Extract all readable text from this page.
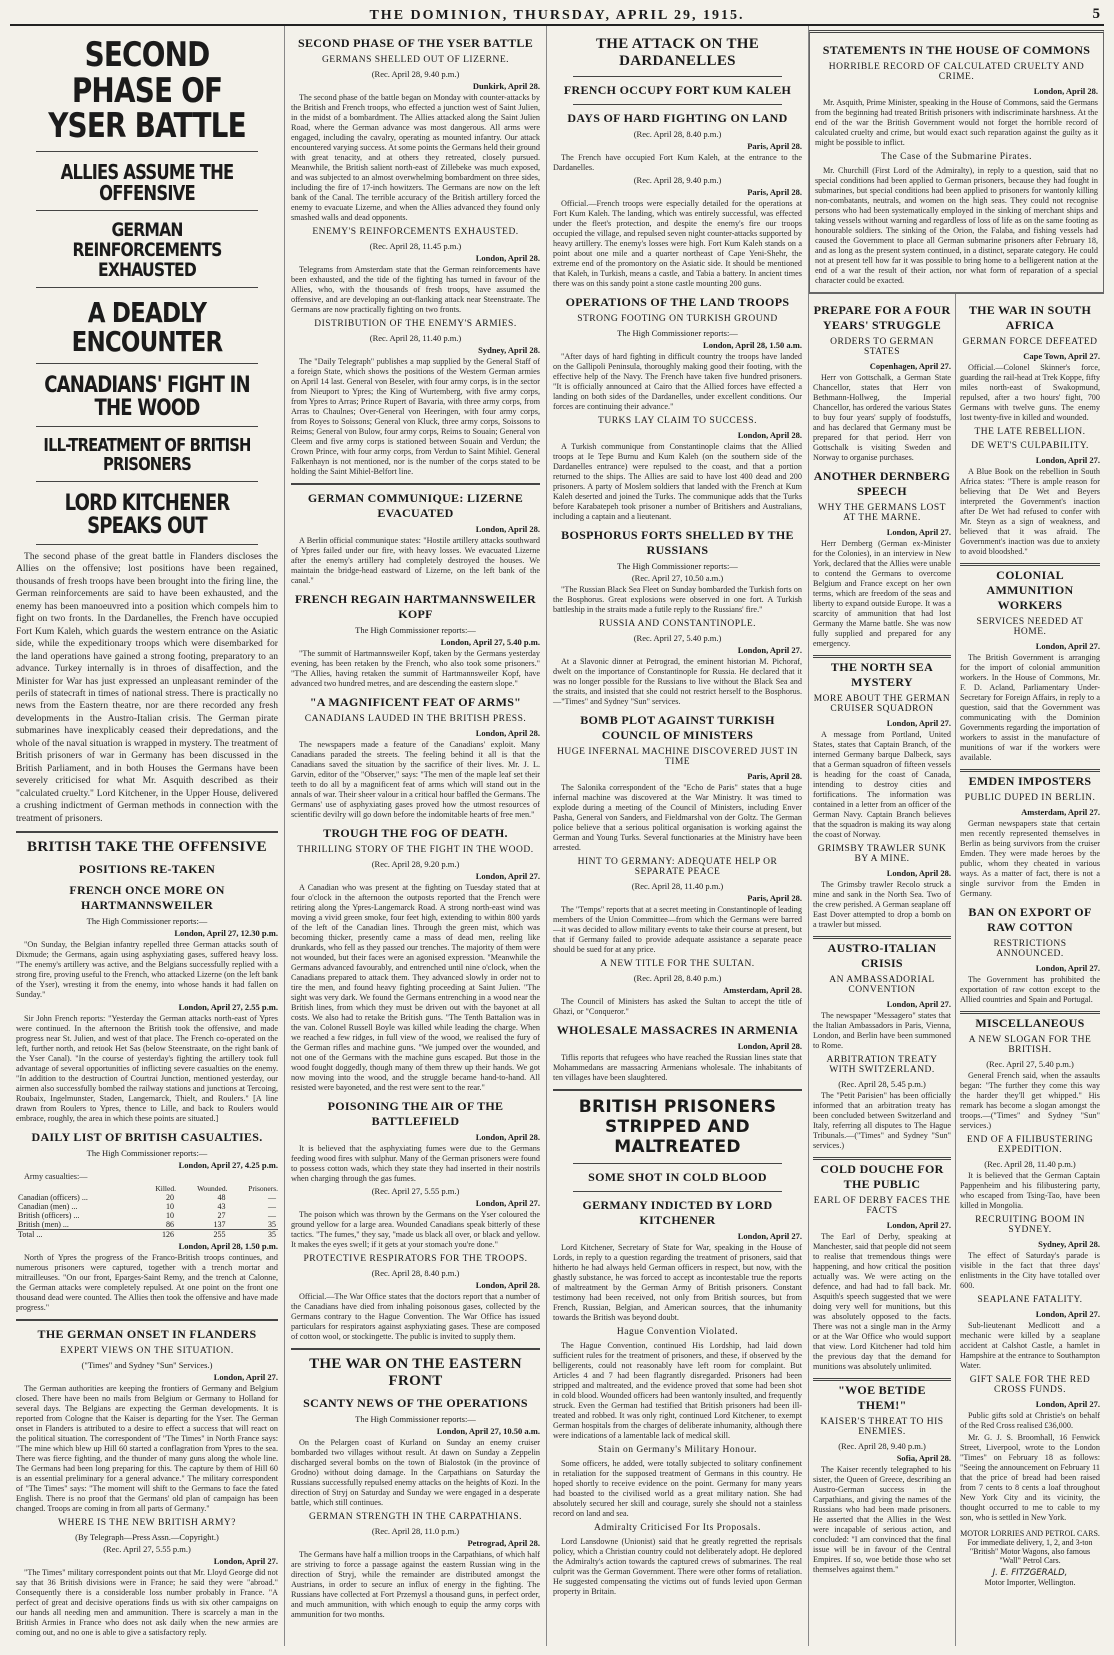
THE DOMINION, THURSDAY, APRIL 29, 1915.	5
SECOND PHASE OF YSER BATTLE
ALLIES ASSUME THE OFFENSIVE
GERMAN REINFORCEMENTS EXHAUSTED
A DEADLY ENCOUNTER
CANADIANS' FIGHT IN THE WOOD
ILL-TREATMENT OF BRITISH PRISONERS
LORD KITCHENER SPEAKS OUT

The second phase of the great battle in Flanders discloses the Allies on the offensive; lost positions have been regained, thousands of fresh troops have been brought into the firing line, the German reinforcements are said to have been exhausted, and the enemy has been manoeuvred into a position which compels him to fight on two fronts. In the Dardanelles, the French have occupied Fort Kum Kaleh, which guards the western entrance on the Asiatic side, while the expeditionary troops which were disembarked for the land operations have gained a strong footing, preparatory to an advance. Turkey internally is in throes of disaffection, and the Minister for War has just expressed an unpleasant reminder of the perils of statecraft in times of national stress. There is practically no news from the Eastern theatre, nor are there recorded any fresh developments in the Austro-Italian crisis. The German pirate submarines have inexplicably ceased their depredations, and the whole of the naval situation is wrapped in mystery. The treatment of British prisoners of war in Germany has been discussed in the British Parliament, and in both Houses the Germans have been severely criticised for what Mr. Asquith described as their "calculated cruelty." Lord Kitchener, in the Upper House, delivered a crushing indictment of German methods in connection with the treatment of prisoners.

BRITISH TAKE THE OFFENSIVE
POSITIONS RE-TAKEN
FRENCH ONCE MORE ON HARTMANNSWEILER
The High Commissioner reports:—
London, April 27, 12.30 p.m.

"On Sunday, the Belgian infantry repelled three German attacks south of Dixmude; the Germans, again using asphyxiating gases, suffered heavy loss. "The enemy's artillery was active, and the Belgians successfully replied with a strong fire, proving useful to the French, who attacked Lizerne (on the left bank of the Yser), wresting it from the enemy, into whose hands it had fallen on Sunday."

London, April 27, 2.55 p.m.

Sir John French reports: "Yesterday the German attacks north-east of Ypres were continued. In the afternoon the British took the offensive, and made progress near St. Julien, and west of that place. The French co-operated on the left, further north, and retook Het Sas (below Steenstraate, on the right bank of the Yser Canal). "In the course of yesterday's fighting the artillery took full advantage of several opportunities of inflicting severe casualties on the enemy. "In addition to the destruction of Courtrai Junction, mentioned yesterday, our airmen also successfully bombed the railway stations and junctions at Tercoing, Roubaix, Ingelmunster, Staden, Langemarck, Thielt, and Roulers." [A line drawn from Roulers to Ypres, thence to Lille, and back to Roulers would embrace, roughly, the area in which these points are situated.]

DAILY LIST OF BRITISH CASUALTIES.
The High Commissioner reports:—
London, April 27, 4.25 p.m.

Army casualties:—

	Killed.	Wounded.	Prisoners.
Canadian (officers) ...	20	48	—
Canadian (men) ...	10	43	—
British (officers) ...	10	27	—
British (men) ...	86	137	35
Total ...	126	255	35
London, April 28, 1.50 p.m.

North of Ypres the progress of the Franco-British troops continues, and numerous prisoners were captured, together with a trench mortar and mitrailleuses. "On our front, Eparges-Saint Remy, and the trench at Calonne, the German attacks were completely repulsed. At one point on the front one thousand dead were counted. The Allies then took the offensive and have made progress."

THE GERMAN ONSET IN FLANDERS
EXPERT VIEWS ON THE SITUATION.
("Times" and Sydney "Sun" Services.)
London, April 27.

The German authorities are keeping the frontiers of Germany and Belgium closed. There have been no mails from Belgium or Germany to Holland for several days. The Belgians are expecting the German developments. It is reported from Cologne that the Kaiser is departing for the Yser. The German onset in Flanders is attributed to a desire to effect a success that will react on the political situation. The correspondent of "The Times" in North France says: "The mine which blew up Hill 60 started a conflagration from Ypres to the sea. There was fierce fighting, and the thunder of many guns along the whole line. The Germans had been long preparing for this. The capture by them of Hill 60 is an essential preliminary for a general advance." The military correspondent of "The Times" says: "The moment will shift to the Germans to face the fated English. There is no proof that the Germans' old plan of campaign has been changed. Troops are coming in from all parts of Germany."

WHERE IS THE NEW BRITISH ARMY?
(By Telegraph—Press Assn.—Copyright.)
(Rec. April 27, 5.55 p.m.)
London, April 27.

"The Times" military correspondent points out that Mr. Lloyd George did not say that 36 British divisions were in France; he said they were "abroad." Consequently there is a considerable loss number probably in France. "A perfect of great and decisive operations finds us with six other campaigns on our hands all needing men and ammunition. There is scarcely a man in the British Armies in France who does not ask daily when the new armies are coming out, and no one is able to give a satisfactory reply.

SECOND PHASE OF THE YSER BATTLE
GERMANS SHELLED OUT OF LIZERNE.
(Rec. April 28, 9.40 p.m.)
Dunkirk, April 28.

The second phase of the battle began on Monday with counter-attacks by the British and French troops, who effected a junction west of Saint Julien, in the midst of a bombardment. The Allies attacked along the Saint Julien Road, where the German advance was most dangerous. All arms were engaged, including the cavalry, operating as mounted infantry. Our attack encountered varying success. At some points the Germans held their ground with great tenacity, and at others they retreated, closely pursued. Meanwhile, the British salient north-east of Zillebeke was much exposed, and was subjected to an almost overwhelming bombardment on three sides, including the fire of 17-inch howitzers. The Germans are now on the left bank of the Canal. The terrible accuracy of the British artillery forced the enemy to evacuate Lizerne, and when the Allies advanced they found only smashed walls and dead opponents.

ENEMY'S REINFORCEMENTS EXHAUSTED.
(Rec. April 28, 11.45 p.m.)
London, April 28.

Telegrams from Amsterdam state that the German reinforcements have been exhausted, and the tide of the fighting has turned in favour of the Allies, who, with the thousands of fresh troops, have assumed the offensive, and are developing an out-flanking attack near Steenstraate. The Germans are now practically fighting on two fronts.

DISTRIBUTION OF THE ENEMY'S ARMIES.
(Rec. April 28, 11.40 p.m.)
Sydney, April 28.

The "Daily Telegraph" publishes a map supplied by the General Staff of a foreign State, which shows the positions of the Western German armies on April 14 last. General von Beseler, with four army corps, is in the sector from Nieuport to Ypres; the King of Wurtemberg, with five army corps, from Ypres to Arras; Prince Rupert of Bavaria, with three army corps, from Arras to Chaulnes; Over-General von Heeringen, with four army corps, from Royes to Soissons; General von Kluck, three army corps, Soissons to Reims; General von Bulow, four army corps, Reims to Souain; General von Cleem and five army corps is stationed between Souain and Verdun; the Crown Prince, with four army corps, from Verdun to Saint Mihiel. General Falkenhayn is not mentioned, nor is the number of the corps stated to be holding the Saint Mihiel-Belfort line.

GERMAN COMMUNIQUE: LIZERNE EVACUATED
London, April 28.

A Berlin official communique states: "Hostile artillery attacks southward of Ypres failed under our fire, with heavy losses. We evacuated Lizerne after the enemy's artillery had completely destroyed the houses. We maintain the bridge-head eastward of Lizerne, on the left bank of the canal."

FRENCH REGAIN HARTMANNSWEILER KOPF
The High Commissioner reports:—
London, April 27, 5.40 p.m.

"The summit of Hartmannsweiler Kopf, taken by the Germans yesterday evening, has been retaken by the French, who also took some prisoners." "The Allies, having retaken the summit of Hartmannsweiler Kopf, have advanced two hundred metres, and are descending the eastern slope."

"A MAGNIFICENT FEAT OF ARMS"
CANADIANS LAUDED IN THE BRITISH PRESS.
London, April 28.

The newspapers made a feature of the Canadians' exploit. Many Canadians paraded the streets. The feeling behind it all is that the Canadians saved the situation by the sacrifice of their lives. Mr. J. L. Garvin, editor of the "Observer," says: "The men of the maple leaf set their teeth to do all by a magnificent feat of arms which will stand out in the annals of war. Their sheer valour in a critical hour baffled the Germans. The Germans' use of asphyxiating gases proved how the utmost resources of scientific devilry will go down before the indomitable hearts of free men."

TROUGH THE FOG OF DEATH.
THRILLING STORY OF THE FIGHT IN THE WOOD.
(Rec. April 28, 9.20 p.m.)
London, April 27.

A Canadian who was present at the fighting on Tuesday stated that at four o'clock in the afternoon the outposts reported that the French were retiring along the Ypres-Langemarck Road. A strong north-east wind was moving a vivid green smoke, four feet high, extending to within 800 yards of the left of the Canadian lines. Through the green mist, which was becoming thicker, presently came a mass of dead men, reeling like drunkards, who fell as they passed our trenches. The majority of them were not wounded, but their faces were an agonised expression. "Meanwhile the Germans advanced favourably, and entrenched until nine o'clock, when the Canadians prepared to attack them. They advanced slowly in order not to tire the men, and found heavy fighting proceeding at Saint Julien. "The sight was very dark. We found the Germans entrenching in a wood near the British lines, from which they must be driven out with the bayonet at all costs. We also had to retake the British guns. "The Tenth Battalion was in the van. Colonel Russell Boyle was killed while leading the charge. When we reached a few ridges, in full view of the wood, we realised the fury of the German rifles and machine guns. "We jumped over the wounded, and not one of the Germans with the machine guns escaped. But those in the wood fought doggedly, though many of them threw up their hands. We got now moving into the wood, and the struggle became hand-to-hand. All resisted were bayoneted, and the rest were sent to the rear."

POISONING THE AIR OF THE BATTLEFIELD
London, April 28.

It is believed that the asphyxiating fumes were due to the Germans feeding wood fires with sulphur. Many of the German prisoners were found to possess cotton wads, which they state they had inserted in their nostrils when charging through the gas fumes.

(Rec. April 27, 5.55 p.m.)
London, April 27.

The poison which was thrown by the Germans on the Yser coloured the ground yellow for a large area. Wounded Canadians speak bitterly of these tactics. "The fumes," they say, "made us black all over, or black and yellow. It makes the eyes swell; if it gets at your stomach you're done."

PROTECTIVE RESPIRATORS FOR THE TROOPS.
(Rec. April 28, 8.40 p.m.)
London, April 28.

Official.—The War Office states that the doctors report that a number of the Canadians have died from inhaling poisonous gases, collected by the Germans contrary to the Hague Convention. The War Office has issued particulars for respirators against asphyxiating gases. These are composed of cotton wool, or stockingette. The public is invited to supply them.

THE WAR ON THE EASTERN FRONT
SCANTY NEWS OF THE OPERATIONS
The High Commissioner reports:—
London, April 27, 10.50 a.m.

On the Pelargen coast of Kurland on Sunday an enemy cruiser bombarded two villages without result. At dawn on Sunday a Zeppelin discharged several bombs on the town of Bialostok (in the province of Grodno) without doing damage. In the Carpathians on Saturday the Russians successfully repulsed enemy attacks on the heights of Kozi. In the direction of Stryj on Saturday and Sunday we were engaged in a desperate battle, which still continues.

GERMAN STRENGTH IN THE CARPATHIANS.
(Rec. April 28, 11.0 p.m.)
Petrograd, April 28.

The Germans have half a million troops in the Carpathians, of which half are striving to force a passage against the eastern Russian wing in the direction of Stryj, while the remainder are distributed amongst the Austrians, in order to secure an influx of energy in the fighting. The Russians have collected at Fort Przemysl a thousand guns, in perfect order, and much ammunition, with which enough to equip the army corps with ammunition for two months.

THE ATTACK ON THE DARDANELLES
FRENCH OCCUPY FORT KUM KALEH
DAYS OF HARD FIGHTING ON LAND
(Rec. April 28, 8.40 p.m.)
Paris, April 28.

The French have occupied Fort Kum Kaleh, at the entrance to the Dardanelles.

(Rec. April 28, 9.40 p.m.)
Paris, April 28.

Official.—French troops were especially detailed for the operations at Fort Kum Kaleh. The landing, which was entirely successful, was effected under the fleet's protection, and despite the enemy's fire our troops occupied the village, and repulsed seven night counter-attacks supported by heavy artillery. The enemy's losses were high. Fort Kum Kaleh stands on a point about one mile and a quarter northeast of Cape Yeni-Shehr, the extreme end of the promontory on the Asiatic side. It should be mentioned that Kaleh, in Turkish, means a castle, and Tabia a battery. In ancient times there was on this sandy point a stone castle mounting 200 guns.

OPERATIONS OF THE LAND TROOPS
STRONG FOOTING ON TURKISH GROUND
The High Commissioner reports:—
London, April 28, 1.50 a.m.

"After days of hard fighting in difficult country the troops have landed on the Gallipoli Peninsula, thoroughly making good their footing, with the effective help of the Navy. The French have taken five hundred prisoners. "It is officially announced at Cairo that the Allied forces have effected a landing on both sides of the Dardanelles, under excellent conditions. Our forces are continuing their advance."

TURKS LAY CLAIM TO SUCCESS.
London, April 28.

A Turkish communique from Constantinople claims that the Allied troops at Ie Tepe Burnu and Kum Kaleh (on the southern side of the Dardanelles entrance) were repulsed to the coast, and that a portion returned to the ships. The Allies are said to have lost 400 dead and 200 prisoners. A party of Moslem soldiers that landed with the French at Kum Kaleh deserted and joined the Turks. The communique adds that the Turks before Karabatepeh took prisoner a number of Britishers and Australians, including a captain and a lieutenant.

BOSPHORUS FORTS SHELLED BY THE RUSSIANS
The High Commissioner reports:—
(Rec. April 27, 10.50 a.m.)

"The Russian Black Sea Fleet on Sunday bombarded the Turkish forts on the Bosphorus. Great explosions were observed in one fort. A Turkish battleship in the straits made a futile reply to the Russians' fire."

RUSSIA AND CONSTANTINOPLE.
(Rec. April 27, 5.40 p.m.)
London, April 27.

At a Slavonic dinner at Petrograd, the eminent historian M. Pichoraf, dwelt on the importance of Constantinople for Russia. He declared that it was no longer possible for the Russians to live without the Black Sea and the straits, and insisted that she could not restrict herself to the Bosphorus.—"Times" and Sydney "Sun" services.

BOMB PLOT AGAINST TURKISH COUNCIL OF MINISTERS
HUGE INFERNAL MACHINE DISCOVERED JUST IN TIME
Paris, April 28.

The Salonika correspondent of the "Echo de Paris" states that a huge infernal machine was discovered at the War Ministry. It was timed to explode during a meeting of the Council of Ministers, including Enver Pasha, General von Sanders, and Fieldmarshal von der Goltz. The German police believe that a serious political organisation is working against the German and Young Turks. Several functionaries at the Ministry have been arrested.

HINT TO GERMANY: ADEQUATE HELP OR SEPARATE PEACE
(Rec. April 28, 11.40 p.m.)
Paris, April 28.

The "Temps" reports that at a secret meeting in Constantinople of leading members of the Union Committee—from which the Germans were barred—it was decided to allow military events to take their course at present, but that if Germany failed to provide adequate assistance a separate peace should be sued for at any price.

A NEW TITLE FOR THE SULTAN.
(Rec. April 28, 8.40 p.m.)
Amsterdam, April 28.

The Council of Ministers has asked the Sultan to accept the title of Ghazi, or "Conqueror."

WHOLESALE MASSACRES IN ARMENIA
London, April 28.

Tiflis reports that refugees who have reached the Russian lines state that Mohammedans are massacring Armenians wholesale. The inhabitants of ten villages have been slaughtered.

BRITISH PRISONERS STRIPPED AND MALTREATED
SOME SHOT IN COLD BLOOD
GERMANY INDICTED BY LORD KITCHENER
London, April 27.

Lord Kitchener, Secretary of State for War, speaking in the House of Lords, in reply to a question regarding the treatment of prisoners, said that hitherto he had always held German officers in respect, but now, with the ghastly substance, he was forced to accept as incontestable true the reports of maltreatment by the German Army of British prisoners. Constant testimony had been received, not only from British sources, but from French, Russian, Belgian, and American sources, that the inhumanity towards the British was beyond doubt.

Hague Convention Violated.

The Hague Convention, continued His Lordship, had laid down sufficient rules for the treatment of prisoners, and these, if observed by the belligerents, could not reasonably have left room for complaint. But Articles 4 and 7 had been flagrantly disregarded. Prisoners had been stripped and maltreated, and the evidence proved that some had been shot in cold blood. Wounded officers had been wantonly insulted, and frequently struck. Even the German had testified that British prisoners had been ill-treated and robbed. It was only right, continued Lord Kitchener, to exempt German hospitals from the charges of deliberate inhumanity, although there were indications of a lamentable lack of medical skill.

Stain on Germany's Military Honour.

Some officers, he added, were totally subjected to solitary confinement in retaliation for the supposed treatment of Germans in this country. He hoped shortly to receive evidence on the point. Germany for many years had boasted to the civilised world as a great military nation. She had absolutely secured her skill and courage, surely she should not a stainless record on land and sea.

Admiralty Criticised For Its Proposals.

Lord Lansdowne (Unionist) said that he greatly regretted the reprisals policy, which a Christian country could not deliberately adopt. He deplored the Admiralty's action towards the captured crews of submarines. The real culprit was the German Government. There were other forms of retaliation. He suggested compensating the victims out of funds levied upon German property in Britain.

STATEMENTS IN THE HOUSE OF COMMONS
HORRIBLE RECORD OF CALCULATED CRUELTY AND CRIME.
London, April 28.

Mr. Asquith, Prime Minister, speaking in the House of Commons, said the Germans from the beginning had treated British prisoners with indiscriminate harshness. At the end of the war the British Government would not forget the horrible record of calculated cruelty and crime, but would exact such reparation against the guilty as it might be possible to inflict.

The Case of the Submarine Pirates.

Mr. Churchill (First Lord of the Admiralty), in reply to a question, said that no special conditions had been applied to German prisoners, because they had fought in submarines, but special conditions had been applied to prisoners for wantonly killing non-combatants, neutrals, and women on the high seas. They could not recognise persons who had been systematically employed in the sinking of merchant ships and taking vessels without warning and regardless of loss of life as on the same footing as honourable soldiers. The sinking of the Orion, the Falaba, and fishing vessels had caused the Government to place all German submarine prisoners after February 18, and as long as the present system continued, in a distinct, separate category. He could not at present tell how far it was possible to bring home to a belligerent nation at the end of a war the result of their action, nor what form of reparation of a special character could be exacted.

PREPARE FOR A FOUR YEARS' STRUGGLE
ORDERS TO GERMAN STATES
Copenhagen, April 27.

Herr von Gottschalk, a German State Chancellor, states that Herr von Bethmann-Hollweg, the Imperial Chancellor, has ordered the various States to buy four years' supply of foodstuffs, and has declared that Germany must be prepared for that period. Herr von Gottschalk is visiting Sweden and Norway to organise purchases.

ANOTHER DERNBERG SPEECH
WHY THE GERMANS LOST AT THE MARNE.
London, April 27.

Herr Dernberg (German ex-Minister for the Colonies), in an interview in New York, declared that the Allies were unable to contend the Germans to overcome Belgium and France except on her own terms, which are freedom of the seas and liberty to expand outside Europe. It was a scarcity of ammunition that had lost Germany the Marne battle. She was now fully supplied and prepared for any emergency.

THE NORTH SEA MYSTERY
MORE ABOUT THE GERMAN CRUISER SQUADRON
London, April 27.

A message from Portland, United States, states that Captain Branch, of the interned Germany barque Dalbeck, says that a German squadron of fifteen vessels is heading for the coast of Canada, intending to destroy cities and fortifications. The information was contained in a letter from an officer of the German Navy. Captain Branch believes that the squadron is making its way along the coast of Norway.

GRIMSBY TRAWLER SUNK BY A MINE.
London, April 28.

The Grimsby trawler Recolo struck a mine and sank in the North Sea. Two of the crew perished. A German seaplane off East Dover attempted to drop a bomb on a trawler but missed.

AUSTRO-ITALIAN CRISIS
AN AMBASSADORIAL CONVENTION
London, April 27.

The newspaper "Messagero" states that the Italian Ambassadors in Paris, Vienna, London, and Berlin have been summoned to Rome.

ARBITRATION TREATY WITH SWITZERLAND.
(Rec. April 28, 5.45 p.m.)

The "Petit Parisien" has been officially informed that an arbitration treaty has been concluded between Switzerland and Italy, referring all disputes to The Hague Tribunals.—("Times" and Sydney "Sun" services.)

COLD DOUCHE FOR THE PUBLIC
EARL OF DERBY FACES THE FACTS
London, April 27.

The Earl of Derby, speaking at Manchester, said that people did not seem to realise that tremendous things were happening, and how critical the position actually was. We were acting on the defence, and had had to fall back. Mr. Asquith's speech suggested that we were doing very well for munitions, but this was absolutely opposed to the facts. There was not a single man in the Army or at the War Office who would support that view. Lord Kitchener had told him the previous day that the demand for munitions was absolutely unlimited.

"WOE BETIDE THEM!"
KAISER'S THREAT TO HIS ENEMIES.
(Rec. April 28, 9.40 p.m.)
Sofia, April 28.

The Kaiser recently telegraphed to his sister, the Queen of Greece, describing an Austro-German success in the Carpathians, and giving the names of the Russians who had been made prisoners. He asserted that the Allies in the West were incapable of serious action, and concluded: "I am convinced that the final issue will be in favour of the Central Empires. If so, woe betide those who set themselves against them."

THE WAR IN SOUTH AFRICA
GERMAN FORCE DEFEATED
Cape Town, April 27.

Official.—Colonel Skinner's force, guarding the rail-head at Trek Koppe, fifty miles north-east of Swakopmund, repulsed, after a two hours' fight, 700 Germans with twelve guns. The enemy lost twenty-five in killed and wounded.

THE LATE REBELLION.
DE WET'S CULPABILITY.
London, April 27.

A Blue Book on the rebellion in South Africa states: "There is ample reason for believing that De Wet and Beyers interpreted the Government's inaction after De Wet had refused to confer with Mr. Steyn as a sign of weakness, and believed that it was afraid. The Government's inaction was due to anxiety to avoid bloodshed."

COLONIAL AMMUNITION WORKERS
SERVICES NEEDED AT HOME.
London, April 27.

The British Government is arranging for the import of colonial ammunition workers. In the House of Commons, Mr. F. D. Acland, Parliamentary Under-Secretary for Foreign Affairs, in reply to a question, said that the Government was communicating with the Dominion Governments regarding the importation of workers to assist in the manufacture of munitions of war if the workers were available.

EMDEN IMPOSTERS
PUBLIC DUPED IN BERLIN.
Amsterdam, April 27.

German newspapers state that certain men recently represented themselves in Berlin as being survivors from the cruiser Emden. They were made heroes by the public, whom they cheated in various ways. As a matter of fact, there is not a single survivor from the Emden in Germany.

BAN ON EXPORT OF RAW COTTON
RESTRICTIONS ANNOUNCED.
London, April 27.

The Government has prohibited the exportation of raw cotton except to the Allied countries and Spain and Portugal.

MISCELLANEOUS
A NEW SLOGAN FOR THE BRITISH.
(Rec. April 27, 5.40 p.m.)

General French said, when the assaults began: "The further they come this way the harder they'll get whipped." His remark has become a slogan amongst the troops.—("Times" and Sydney "Sun" services.)

END OF A FILIBUSTERING EXPEDITION.
(Rec. April 28, 11.40 p.m.)

It is believed that the German Captain Pappenheim and his filibustering party, who escaped from Tsing-Tao, have been killed in Mongolia.

RECRUITING BOOM IN SYDNEY.
Sydney, April 28.

The effect of Saturday's parade is visible in the fact that three days' enlistments in the City have totalled over 600.

SEAPLANE FATALITY.
London, April 27.

Sub-lieutenant Medlicott and a mechanic were killed by a seaplane accident at Calshot Castle, a hamlet in Hampshire at the entrance to Southampton Water.

GIFT SALE FOR THE RED CROSS FUNDS.
London, April 27.

Public gifts sold at Christie's on behalf of the Red Cross realised £36,000.

Mr. G. J. S. Broomhall, 16 Fenwick Street, Liverpool, wrote to the London "Times" on February 18 as follows: "Seeing the announcement on February 11 that the price of bread had been raised from 7 cents to 8 cents a loaf throughout New York City and its vicinity, the thought occurred to me to cable to my son, who is settled in New York.

MOTOR LORRIES AND PETROL CARS.
For immediate delivery, 1, 2, and 3-ton "British" Motor Wagons, also famous "Wall" Petrol Cars.
J. E. FITZGERALD,
Motor Importer, Wellington.
